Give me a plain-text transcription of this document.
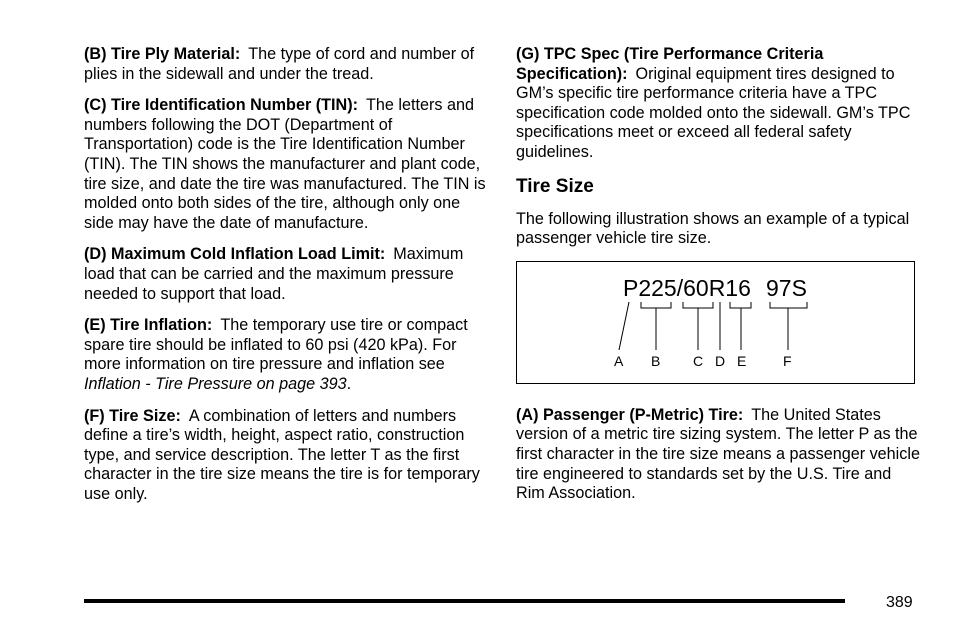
(B) Tire Ply Material: The type of cord and number of plies in the sidewall and under the tread.

(C) Tire Identification Number (TIN): The letters and numbers following the DOT (Department of Transportation) code is the Tire Identification Number (TIN). The TIN shows the manufacturer and plant code, tire size, and date the tire was manufactured. The TIN is molded onto both sides of the tire, although only one side may have the date of manufacture.

(D) Maximum Cold Inflation Load Limit: Maximum load that can be carried and the maximum pressure needed to support that load.

(E) Tire Inflation: The temporary use tire or compact spare tire should be inflated to 60 psi (420 kPa). For more information on tire pressure and inflation see Inflation - Tire Pressure on page 393.

(F) Tire Size: A combination of letters and numbers define a tire’s width, height, aspect ratio, construction type, and service description. The letter T as the first character in the tire size means the tire is for temporary use only.

(G) TPC Spec (Tire Performance Criteria Specification): Original equipment tires designed to GM’s specific tire performance criteria have a TPC specification code molded onto the sidewall. GM’s TPC specifications meet or exceed all federal safety guidelines.

Tire Size

The following illustration shows an example of a typical passenger vehicle tire size.

P225/60R16 97S
A B C D E	F

(A) Passenger (P-Metric) Tire: The United States version of a metric tire sizing system. The letter P as the first character in the tire size means a passenger vehicle tire engineered to standards set by the U.S. Tire and Rim Association.

389
